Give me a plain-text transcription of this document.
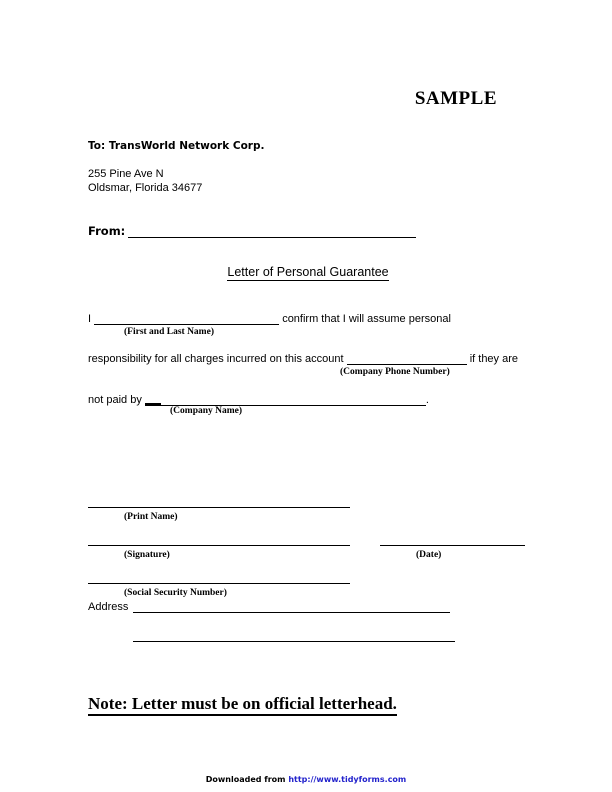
SAMPLE
To: TransWorld Network Corp.
255 Pine Ave N
Oldsmar, Florida 34677
From:
Letter of Personal Guarantee
I	confirm that I will assume personal
(First and Last Name)
responsibility for all charges incurred on this account	if they are
(Company Phone Number)
not paid by	.
(Company Name)
(Print Name)
(Signature)	(Date)
(Social Security Number)
Address
Note: Letter must be on official letterhead.
Downloaded from http://www.tidyforms.com
